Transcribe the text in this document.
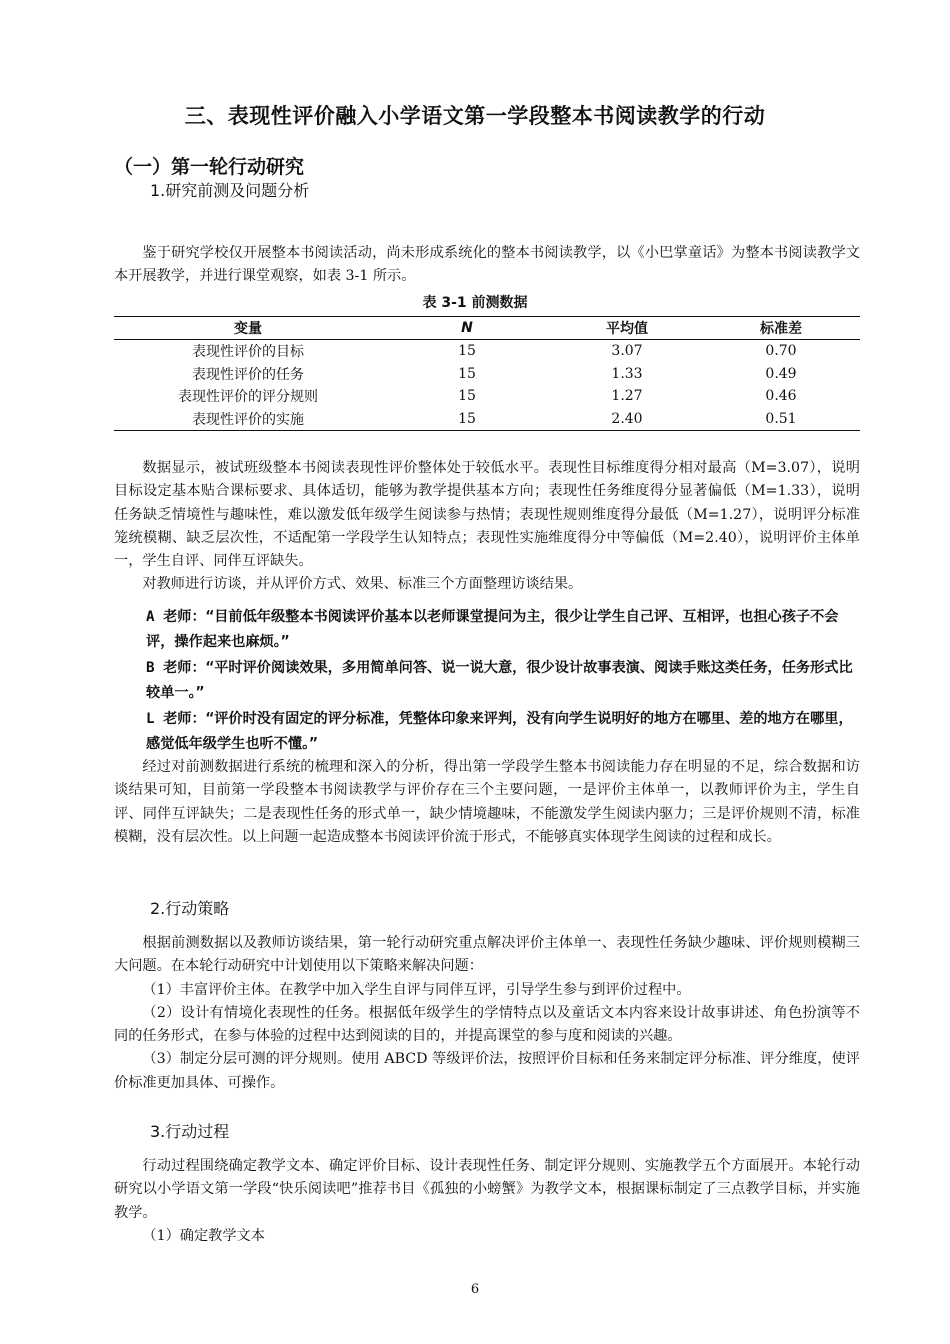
三、表现性评价融入小学语文第一学段整本书阅读教学的行动
（一）第一轮行动研究
1.研究前测及问题分析

鉴于研究学校仅开展整本书阅读活动，尚未形成系统化的整本书阅读教学，以《小巴掌童话》为整本书阅读教学文本开展教学，并进行课堂观察，如表 3-1 所示。

表 3-1 前测数据
变量	N	平均值	标准差
表现性评价的目标	15	3.07	0.70
表现性评价的任务	15	1.33	0.49
表现性评价的评分规则	15	1.27	0.46
表现性评价的实施	15	2.40	0.51

数据显示，被试班级整本书阅读表现性评价整体处于较低水平。表现性目标维度得分相对最高（M=3.07），说明目标设定基本贴合课标要求、具体适切，能够为教学提供基本方向；表现性任务维度得分显著偏低（M=1.33），说明任务缺乏情境性与趣味性，难以激发低年级学生阅读参与热情；表现性规则维度得分最低（M=1.27），说明评分标准笼统模糊、缺乏层次性，不适配第一学段学生认知特点；表现性实施维度得分中等偏低（M=2.40），说明评价主体单一，学生自评、同伴互评缺失。

对教师进行访谈，并从评价方式、效果、标准三个方面整理访谈结果。

A 老师：“目前低年级整本书阅读评价基本以老师课堂提问为主，很少让学生自己评、互相评，也担心孩子不会评，操作起来也麻烦。”

B 老师：“平时评价阅读效果，多用简单问答、说一说大意，很少设计故事表演、阅读手账这类任务，任务形式比较单一。”

L 老师：“评价时没有固定的评分标准，凭整体印象来评判，没有向学生说明好的地方在哪里、差的地方在哪里，感觉低年级学生也听不懂。”

经过对前测数据进行系统的梳理和深入的分析，得出第一学段学生整本书阅读能力存在明显的不足，综合数据和访谈结果可知，目前第一学段整本书阅读教学与评价存在三个主要问题，一是评价主体单一，以教师评价为主，学生自评、同伴互评缺失；二是表现性任务的形式单一，缺少情境趣味，不能激发学生阅读内驱力；三是评价规则不清，标准模糊，没有层次性。以上问题一起造成整本书阅读评价流于形式，不能够真实体现学生阅读的过程和成长。

2.行动策略

根据前测数据以及教师访谈结果，第一轮行动研究重点解决评价主体单一、表现性任务缺少趣味、评价规则模糊三大问题。在本轮行动研究中计划使用以下策略来解决问题：

（1）丰富评价主体。在教学中加入学生自评与同伴互评，引导学生参与到评价过程中。

（2）设计有情境化表现性的任务。根据低年级学生的学情特点以及童话文本内容来设计故事讲述、角色扮演等不同的任务形式，在参与体验的过程中达到阅读的目的，并提高课堂的参与度和阅读的兴趣。

（3）制定分层可测的评分规则。使用 ABCD 等级评价法，按照评价目标和任务来制定评分标准、评分维度，使评价标准更加具体、可操作。

3.行动过程

行动过程围绕确定教学文本、确定评价目标、设计表现性任务、制定评分规则、实施教学五个方面展开。本轮行动研究以小学语文第一学段“快乐阅读吧”推荐书目《孤独的小螃蟹》为教学文本，根据课标制定了三点教学目标，并实施教学。

（1）确定教学文本

6
